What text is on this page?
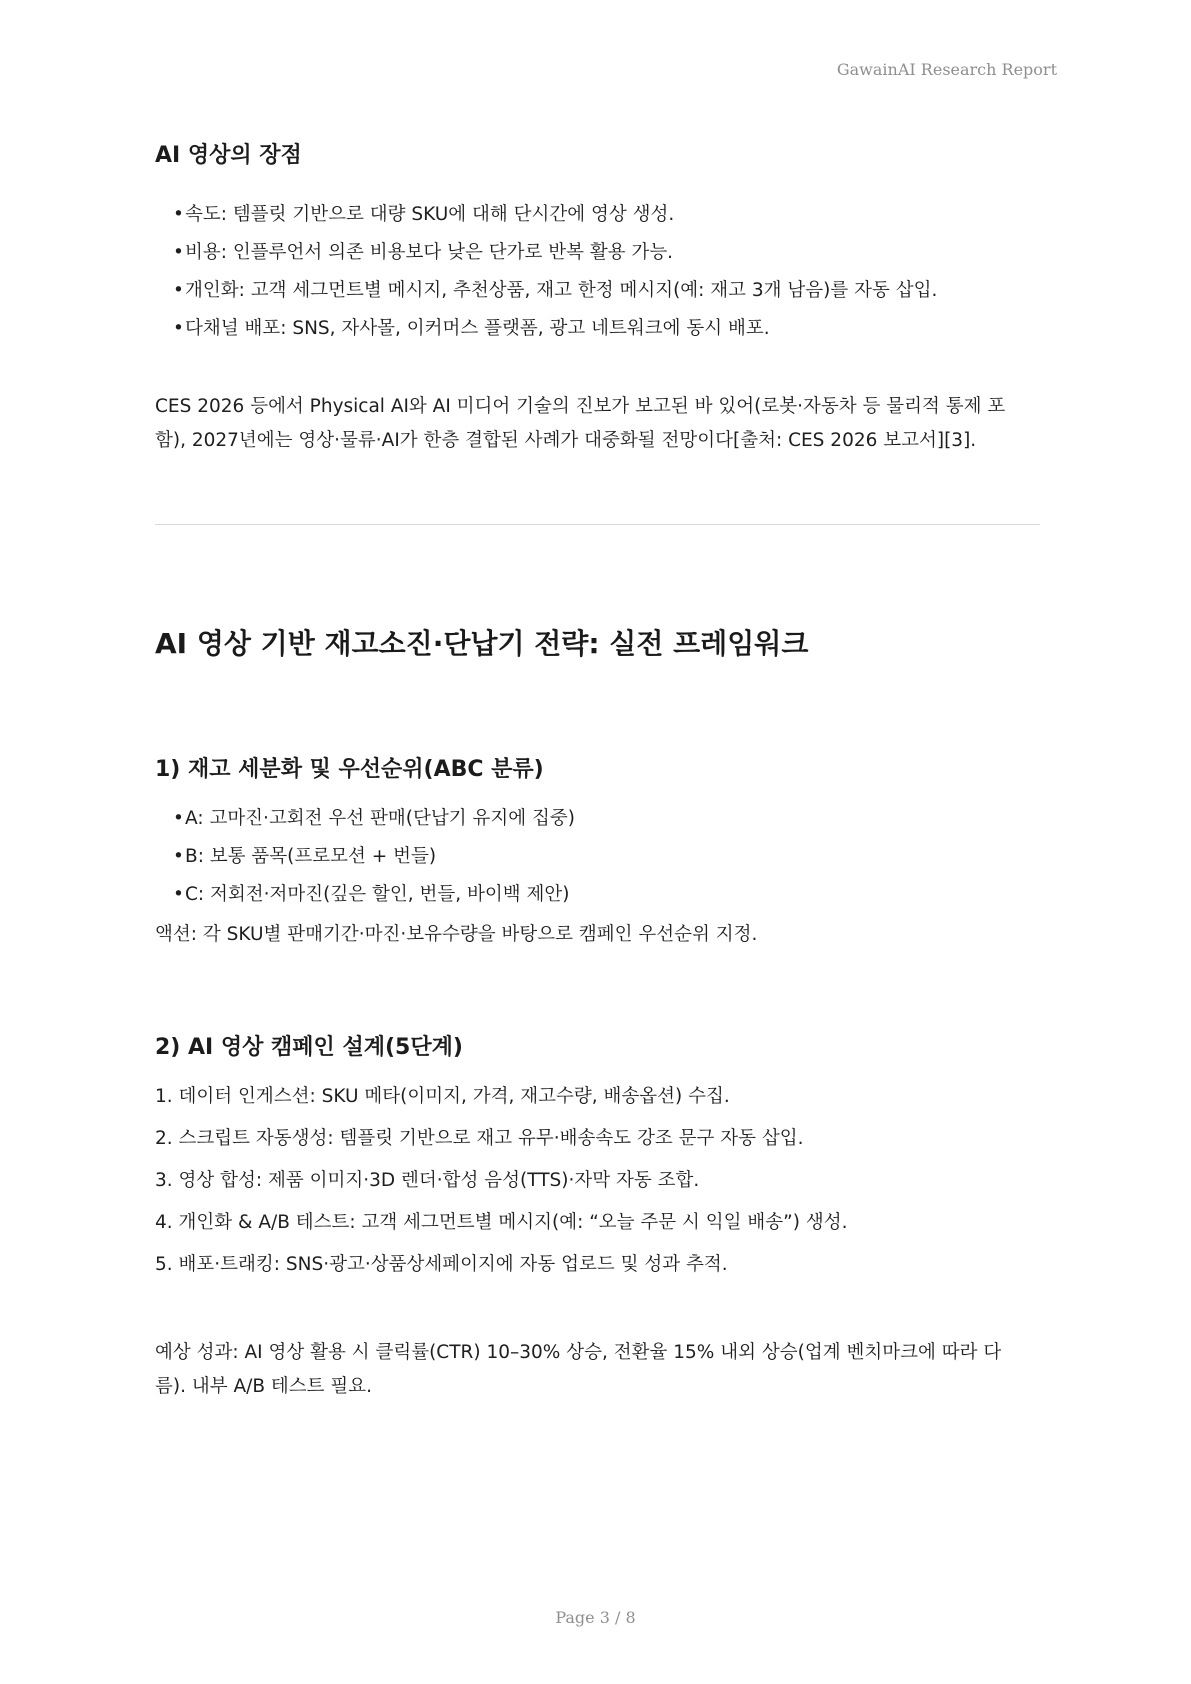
GawainAI Research Report
AI 영상의 장점
• 속도: 템플릿 기반으로 대량 SKU에 대해 단시간에 영상 생성.
• 비용: 인플루언서 의존 비용보다 낮은 단가로 반복 활용 가능.
• 개인화: 고객 세그먼트별 메시지, 추천상품, 재고 한정 메시지(예: 재고 3개 남음)를 자동 삽입.
• 다채널 배포: SNS, 자사몰, 이커머스 플랫폼, 광고 네트워크에 동시 배포.

CES 2026 등에서 Physical AI와 AI 미디어 기술의 진보가 보고된 바 있어(로봇·자동차 등 물리적 통제 포함), 2027년에는 영상·물류·AI가 한층 결합된 사례가 대중화될 전망이다[출처: CES 2026 보고서][3].

AI 영상 기반 재고소진·단납기 전략: 실전 프레임워크
1) 재고 세분화 및 우선순위(ABC 분류)
• A: 고마진·고회전 우선 판매(단납기 유지에 집중)
• B: 보통 품목(프로모션 + 번들)
• C: 저회전·저마진(깊은 할인, 번들, 바이백 제안)

액션: 각 SKU별 판매기간·마진·보유수량을 바탕으로 캠페인 우선순위 지정.

2) AI 영상 캠페인 설계(5단계)
1. 데이터 인게스션: SKU 메타(이미지, 가격, 재고수량, 배송옵션) 수집.
2. 스크립트 자동생성: 템플릿 기반으로 재고 유무·배송속도 강조 문구 자동 삽입.
3. 영상 합성: 제품 이미지·3D 렌더·합성 음성(TTS)·자막 자동 조합.
4. 개인화 & A/B 테스트: 고객 세그먼트별 메시지(예: “오늘 주문 시 익일 배송”) 생성.
5. 배포·트래킹: SNS·광고·상품상세페이지에 자동 업로드 및 성과 추적.

예상 성과: AI 영상 활용 시 클릭률(CTR) 10–30% 상승, 전환율 15% 내외 상승(업계 벤치마크에 따라 다름). 내부 A/B 테스트 필요.

Page 3 / 8
